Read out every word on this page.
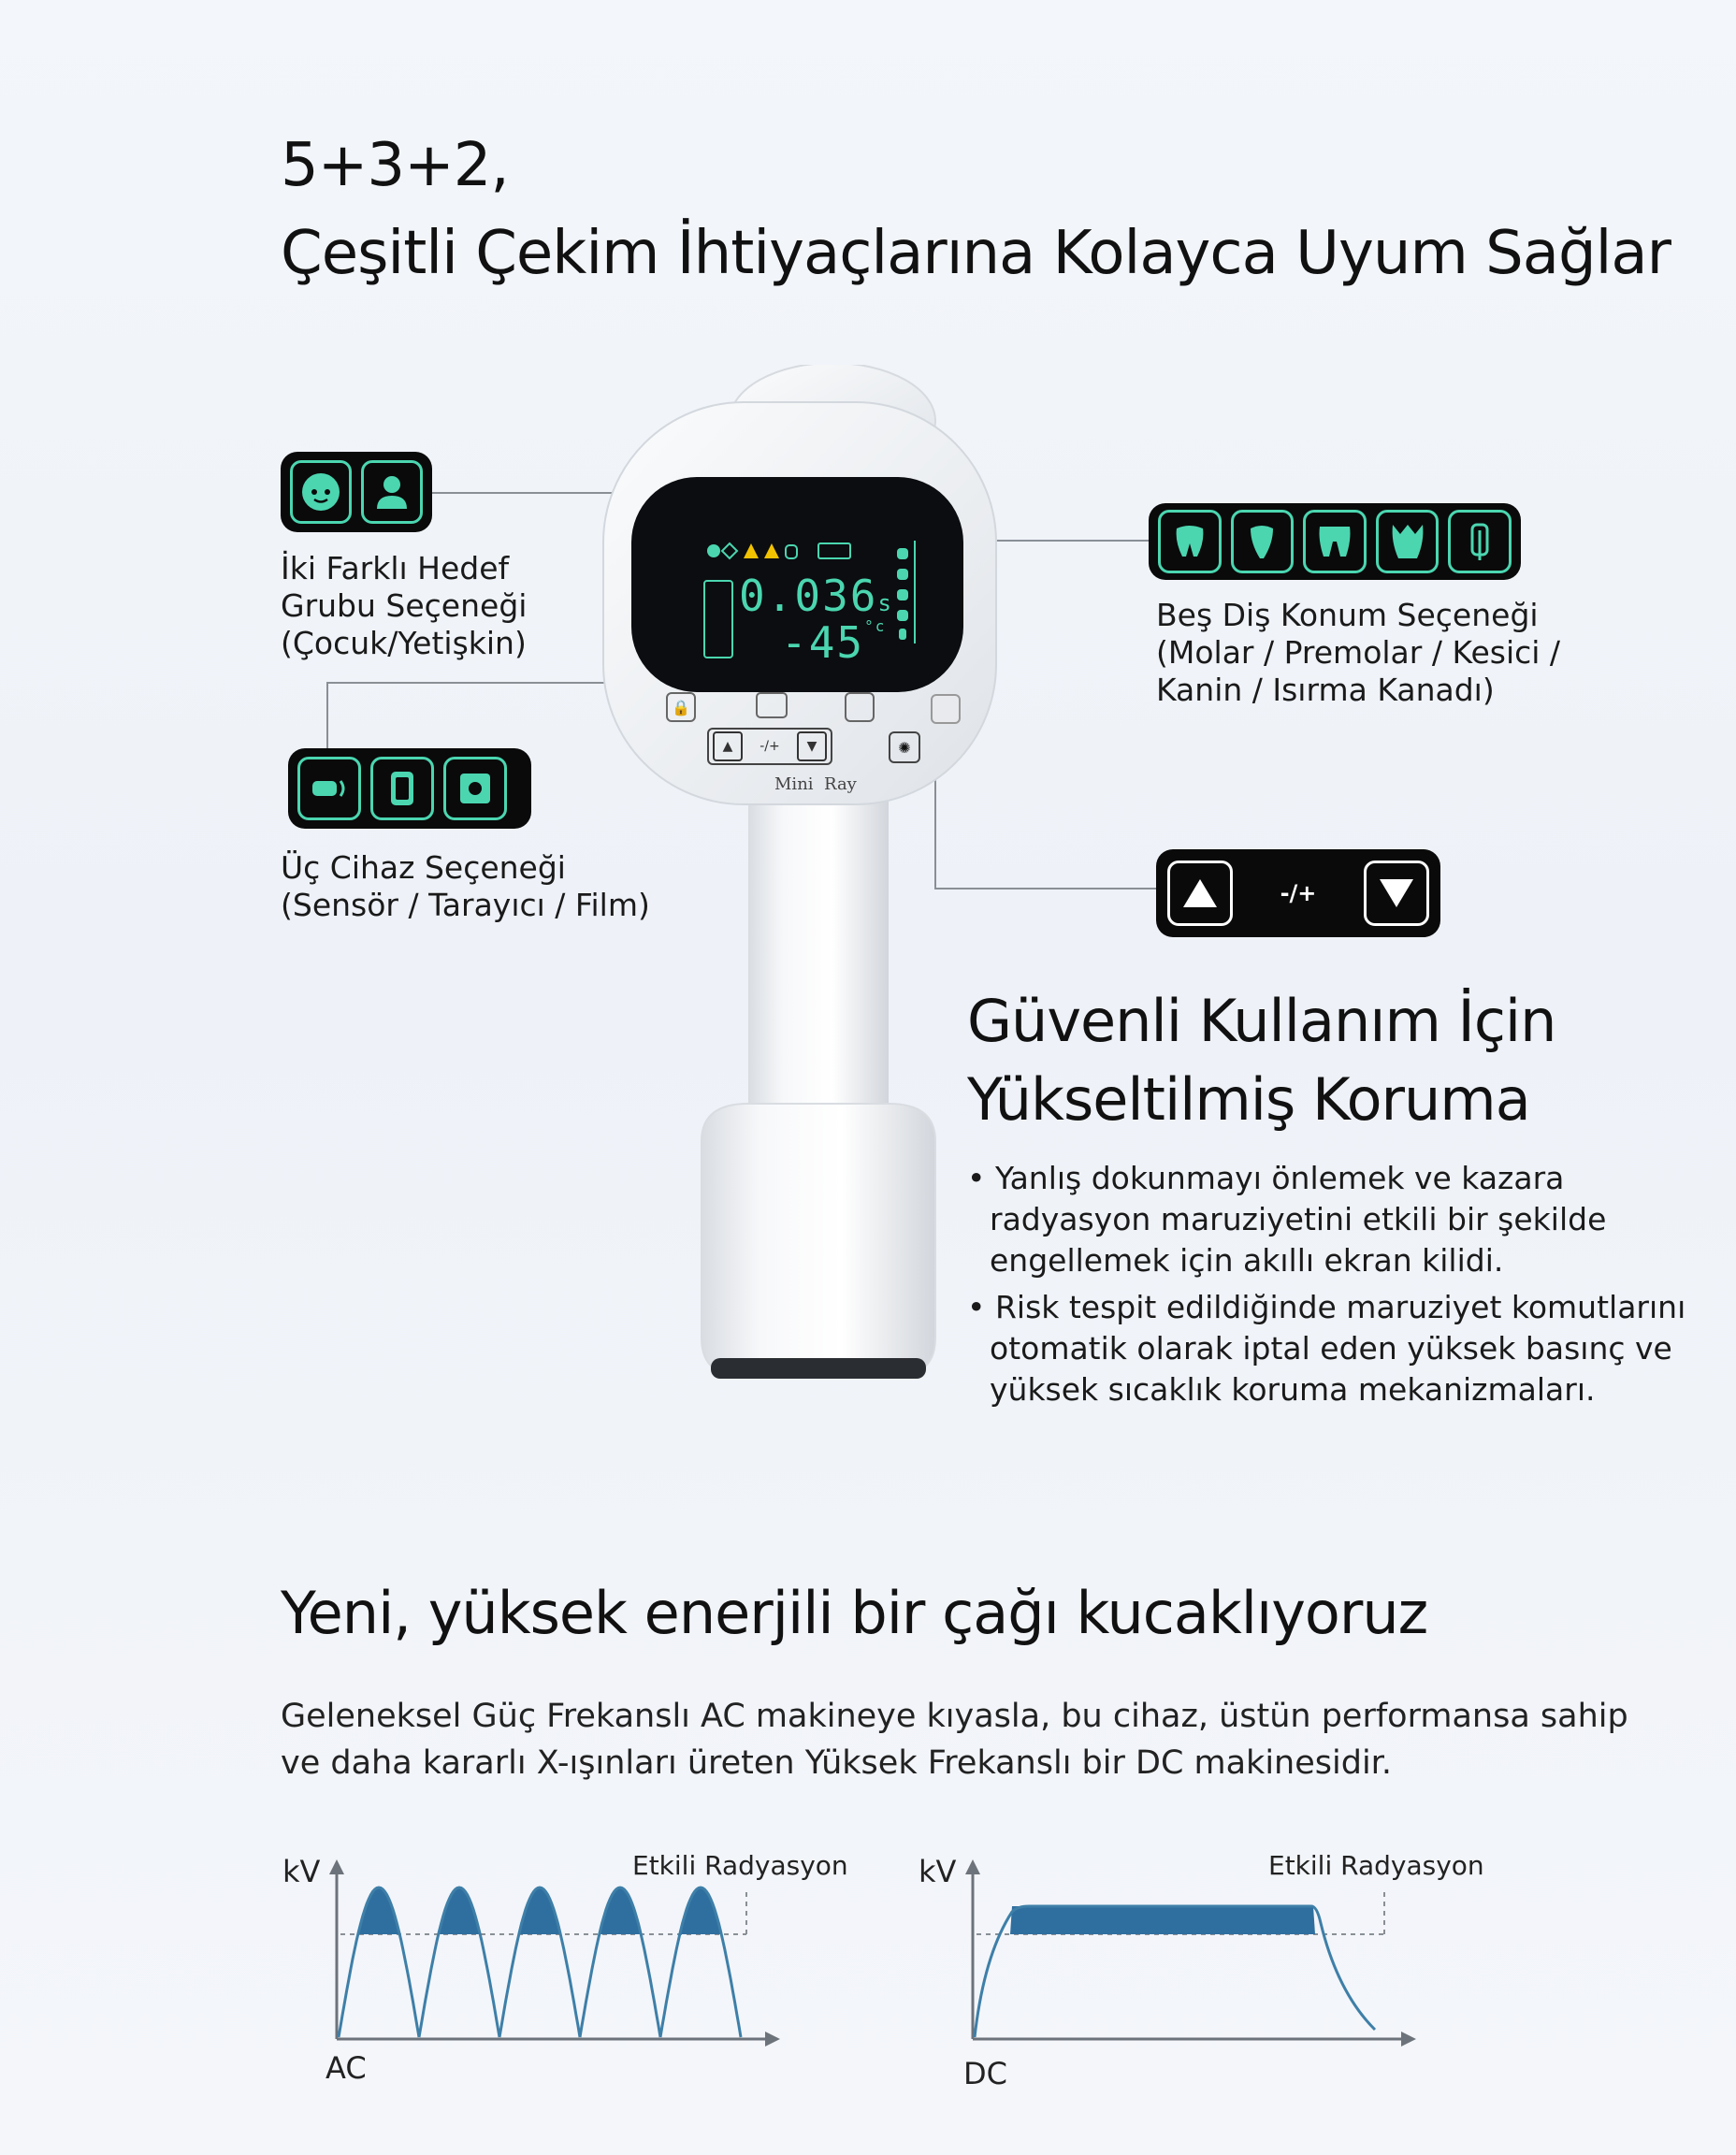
5+3+2,
Çeşitli Çekim İhtiyaçlarına Kolayca Uyum Sağlar
0.036s
$-45^{^\circ c}$
🔒
▲	-/+	▼	✺
Mini  Ray
İki Farklı Hedef
Grubu Seçeneği
(Çocuk/Yetişkin)
Üç Cihaz Seçeneği
(Sensör / Tarayıcı / Film)
Beş Diş Konum Seçeneği
(Molar / Premolar / Kesici /
Kanin / Isırma Kanadı)
-/+
Güvenli Kullanım İçin
Yükseltilmiş Koruma
• Yanlış dokunmayı önlemek ve kazara
radyasyon maruziyetini etkili bir şekilde
engellemek için akıllı ekran kilidi.
• Risk tespit edildiğinde maruziyet komutlarını
otomatik olarak iptal eden yüksek basınç ve
yüksek sıcaklık koruma mekanizmaları.
Yeni, yüksek enerjili bir çağı kucaklıyoruz
Geleneksel Güç Frekanslı AC makineye kıyasla, bu cihaz, üstün performansa sahip
ve daha kararlı X-ışınları üreten Yüksek Frekanslı bir DC makinesidir.
kV	Etkili Radyasyon
AC
kV	Etkili Radyasyon
DC
